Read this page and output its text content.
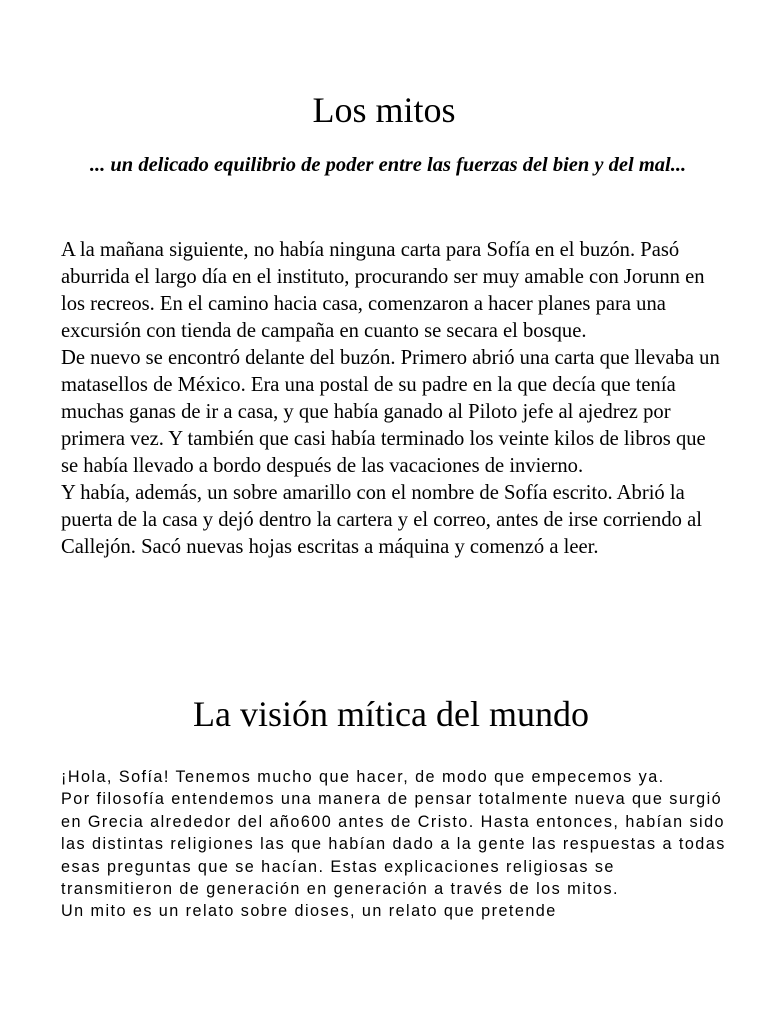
Los mitos

... un delicado equilibrio de poder entre las fuerzas del bien y del mal...

A la mañana siguiente, no había ninguna carta para Sofía en el buzón. Pasó aburrida el largo día en el instituto, procurando ser muy amable con Jorunn en los recreos. En el camino hacia casa, comenzaron a hacer planes para una excursión con tienda de campaña en cuanto se secara el bosque.

De nuevo se encontró delante del buzón. Primero abrió una carta que llevaba un matasellos de México. Era una postal de su padre en la que decía que tenía muchas ganas de ir a casa, y que había ganado al Piloto jefe al ajedrez por primera vez. Y también que casi había terminado los veinte kilos de libros que se había llevado a bordo después de las vacaciones de invierno.

Y había, además, un sobre amarillo con el nombre de Sofía escrito. Abrió la puerta de la casa y dejó dentro la cartera y el correo, antes de irse corriendo al Callejón. Sacó nuevas hojas escritas a máquina y comenzó a leer.

La visión mítica del mundo

¡Hola, Sofía! Tenemos mucho que hacer, de modo que empecemos ya.

Por filosofía entendemos una manera de pensar totalmente nueva que surgió en Grecia alrededor del año600 antes de Cristo. Hasta entonces, habían sido las distintas religiones las que habían dado a la gente las respuestas a todas esas preguntas que se hacían. Estas explicaciones religiosas se transmitieron de generación en generación a través de los mitos.

Un mito es un relato sobre dioses, un relato que pretende
